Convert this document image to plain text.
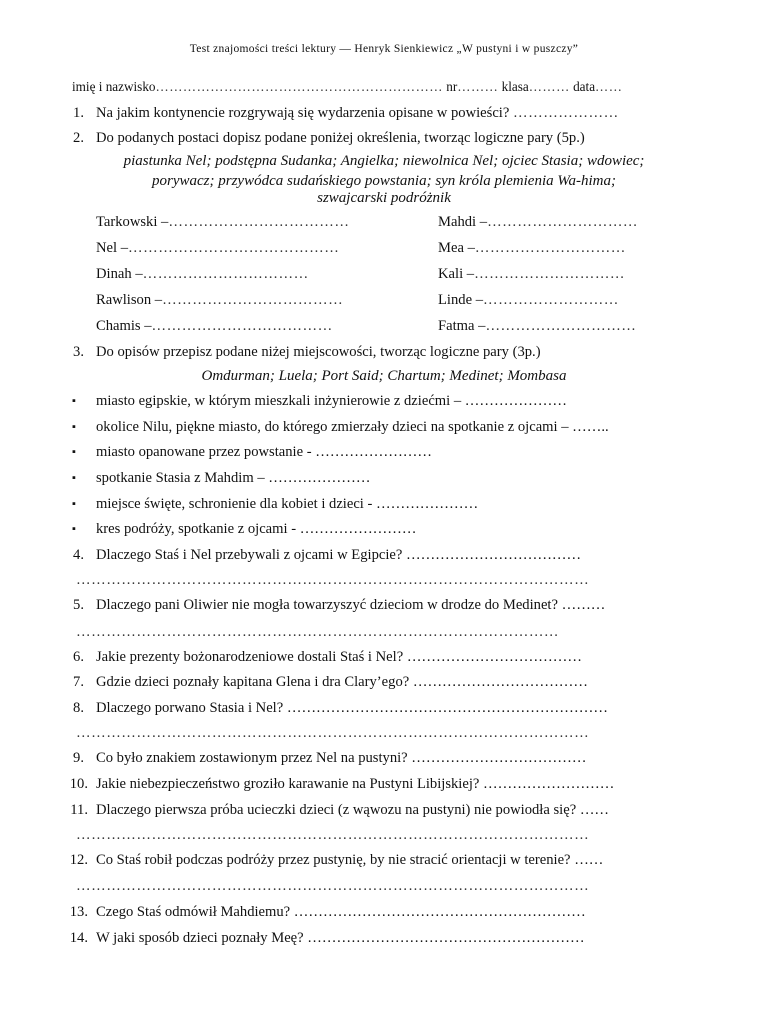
Test znajomości treści lektury — Henryk Sienkiewicz „W pustyni i w puszczy”
imię i nazwisko……………………………………………………… nr……… klasa……… data……
1. Na jakim kontynencie rozgrywają się wydarzenia opisane w powieści? …………………
2. Do podanych postaci dopisz podane poniżej określenia, tworząc logiczne pary (5p.)
piastunka Nel; podstępna Sudanka; Angielka; niewolnica Nel; ojciec Stasia; wdowiec;
porywacz; przywódca sudańskiego powstania; syn króla plemienia Wa-hima;
szwajcarski podróżnik
Tarkowski –………………………………
Nel –……………………………………
Dinah –……………………………
Rawlison –………………………………
Chamis –………………………………
Mahdi –…………………………
Mea –…………………………
Kali –…………………………
Linde –………………………
Fatma –…………………………
3. Do opisów przepisz podane niżej miejscowości, tworząc logiczne pary (3p.)
Omdurman; Luela; Port Said; Chartum; Medinet; Mombasa
▪ miasto egipskie, w którym mieszkali inżynierowie z dziećmi – …………………
▪ okolice Nilu, piękne miasto, do którego zmierzały dzieci na spotkanie z ojcami – ……..
▪ miasto opanowane przez powstanie - ……………………
▪ spotkanie Stasia z Mahdim – …………………
▪ miejsce święte, schronienie dla kobiet i dzieci - …………………
▪ kres podróży, spotkanie z ojcami - ……………………
4. Dlaczego Staś i Nel przebywali z ojcami w Egipcie? ………………………………
…………………………………………………………………………………………
5. Dlaczego pani Oliwier nie mogła towarzyszyć dzieciom w drodze do Medinet? ………
……………………………………………………………………………………
6. Jakie prezenty bożonarodzeniowe dostali Staś i Nel? ………………………………
7. Gdzie dzieci poznały kapitana Glena i dra Clary’ego? ………………………………
8. Dlaczego porwano Stasia i Nel? …………………………………………………………
…………………………………………………………………………………………
9. Co było znakiem zostawionym przez Nel na pustyni? ………………………………
10. Jakie niebezpieczeństwo groziło karawanie na Pustyni Libijskiej? ………………………
11. Dlaczego pierwsza próba ucieczki dzieci (z wąwozu na pustyni) nie powiodła się? ……
…………………………………………………………………………………………
12. Co Staś robił podczas podróży przez pustynię, by nie stracić orientacji w terenie? ……
…………………………………………………………………………………………
13. Czego Staś odmówił Mahdiemu? ……………………………………………………
14. W jaki sposób dzieci poznały Meę? …………………………………………………
